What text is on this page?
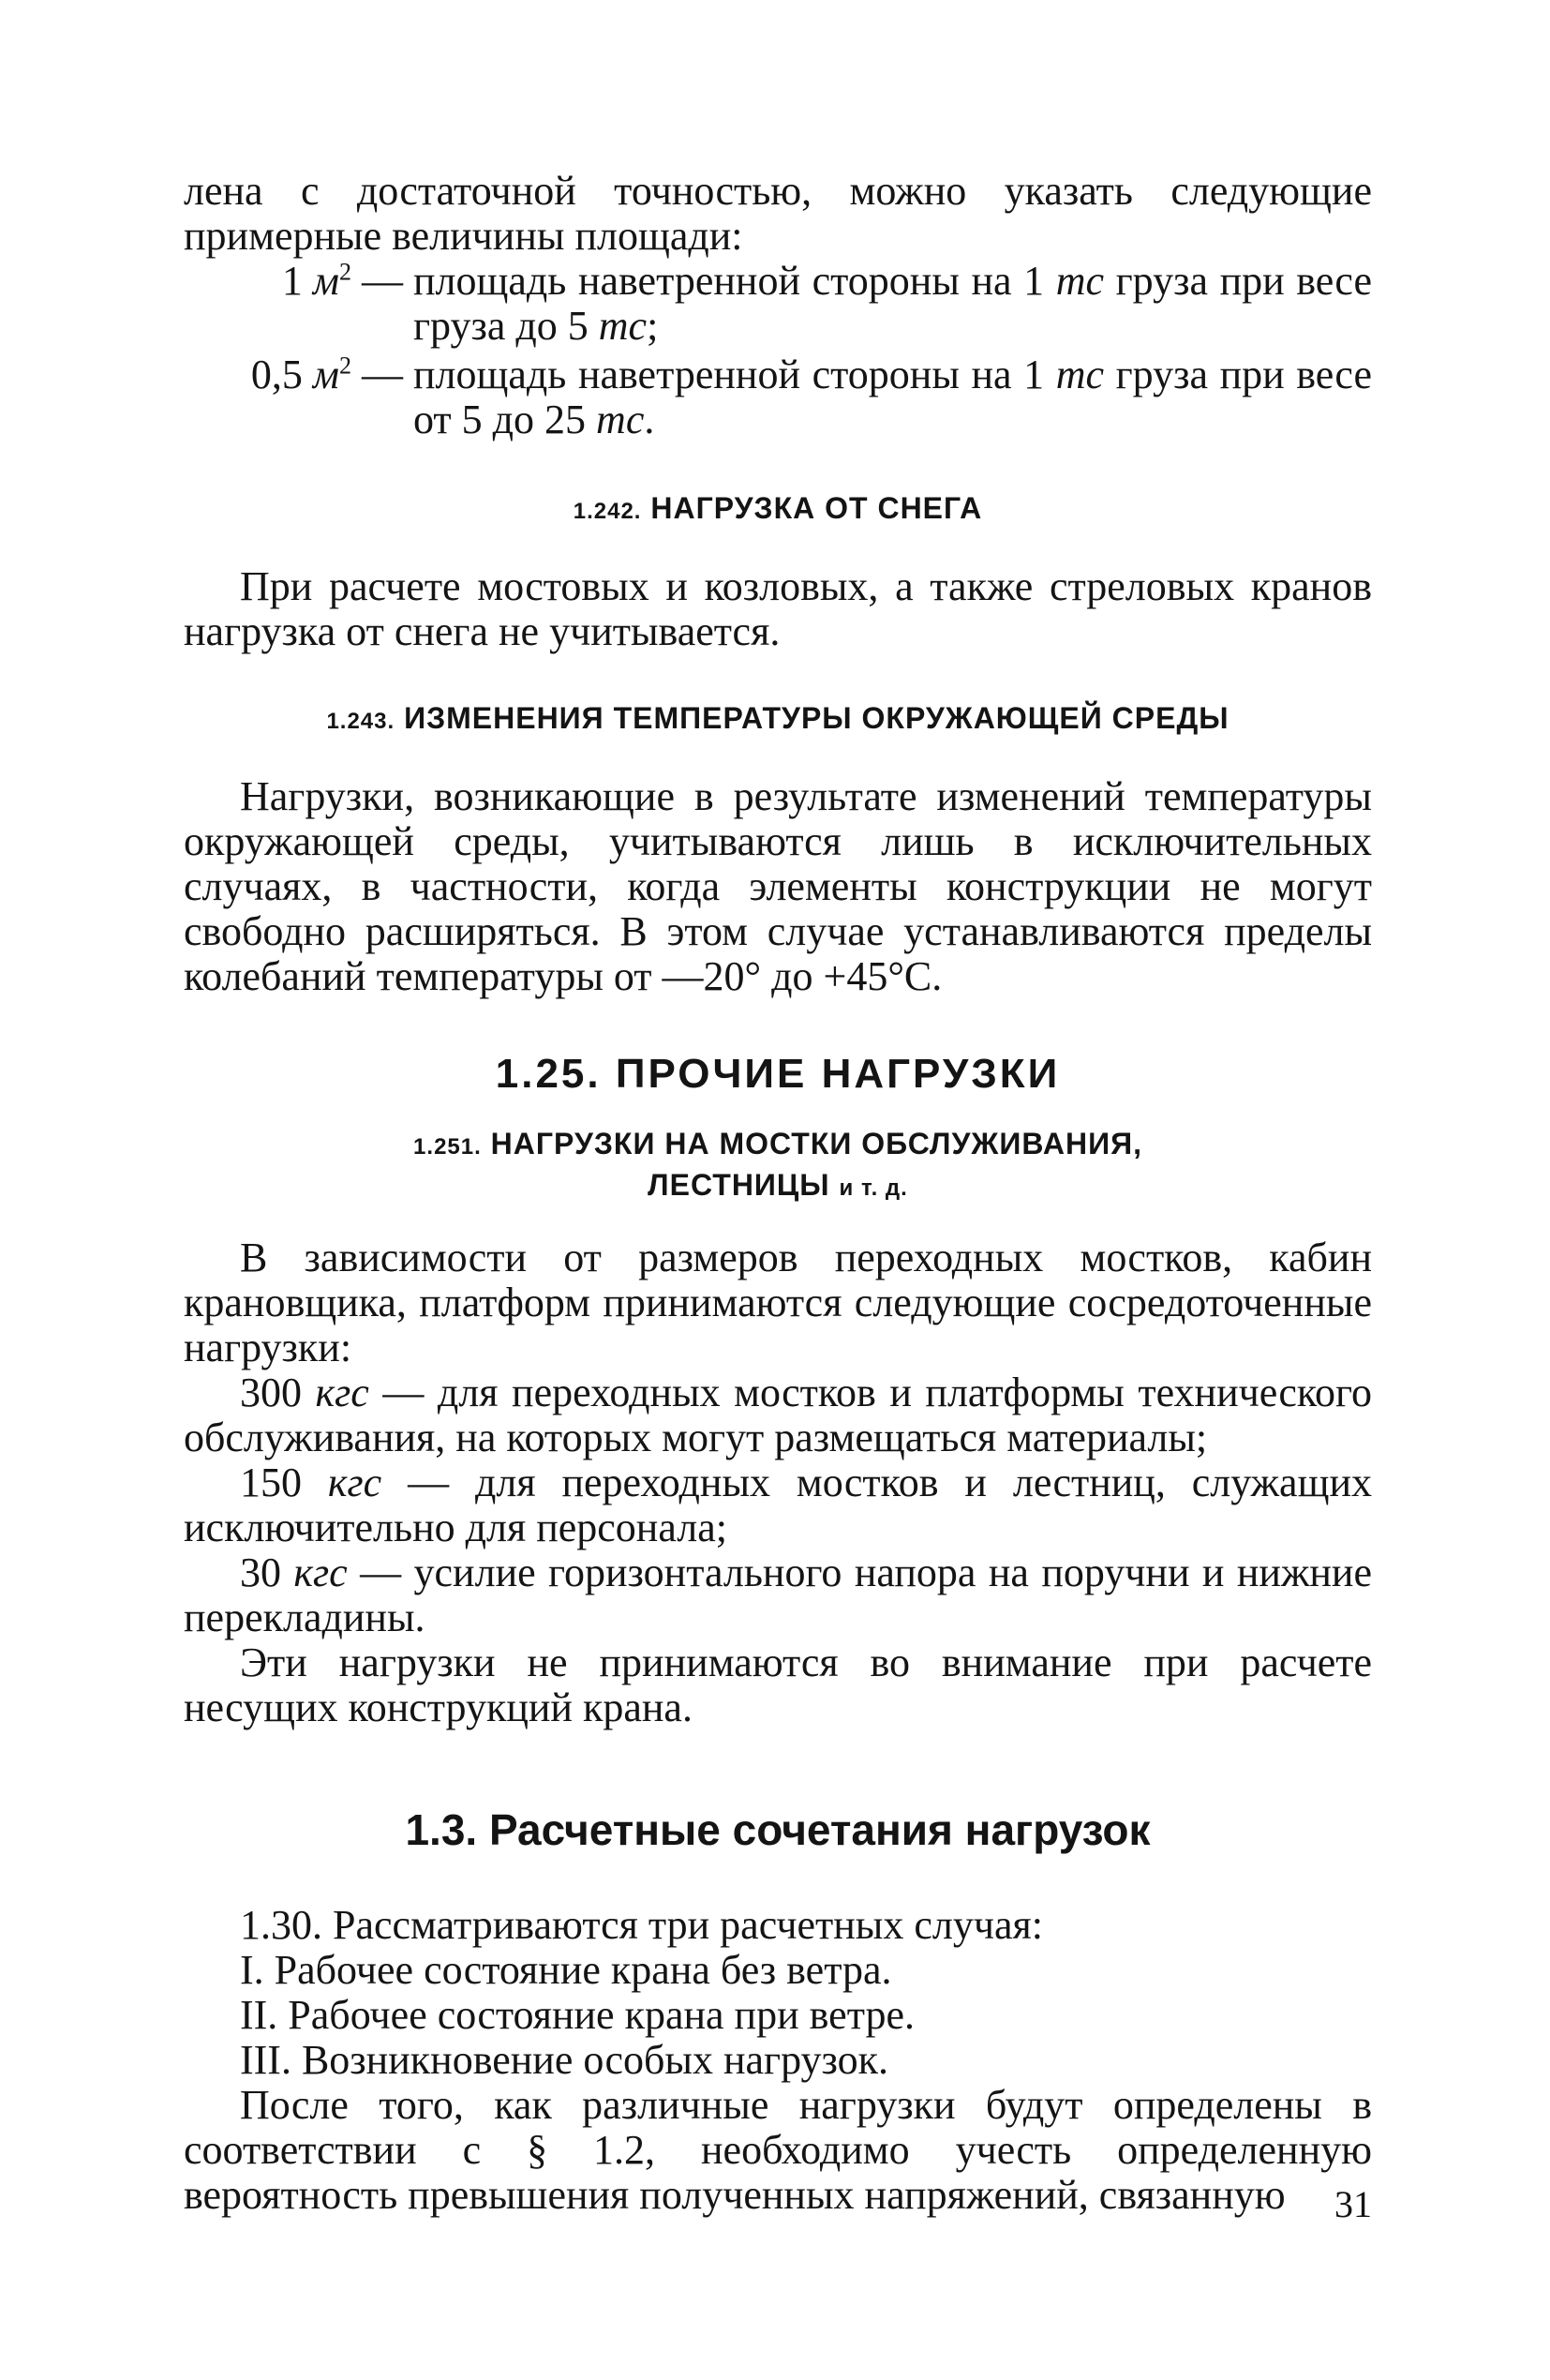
лена с достаточной точностью, можно указать следующие примерные величины площади:

1 $м^2$ — площадь наветренной стороны на 1 тс груза при весе груза до 5 тс;
0,5 $м^2$ — площадь наветренной стороны на 1 тс груза при весе от 5 до 25 тс.
1.242. НАГРУЗКА ОТ СНЕГА

При расчете мостовых и козловых, а также стреловых кранов нагрузка от снега не учитывается.

1.243. ИЗМЕНЕНИЯ ТЕМПЕРАТУРЫ ОКРУЖАЮЩЕЙ СРЕДЫ

Нагрузки, возникающие в результате изменений температуры окружающей среды, учитываются лишь в исключительных случаях, в частности, когда элементы конструкции не могут свободно расширяться. В этом случае устанавливаются пределы колебаний температуры от —20° до +45°С.

1.25. ПРОЧИЕ НАГРУЗКИ
1.251. НАГРУЗКИ НА МОСТКИ ОБСЛУЖИВАНИЯ,
ЛЕСТНИЦЫ и т. д.

В зависимости от размеров переходных мостков, кабин крановщика, платформ принимаются следующие сосредоточенные нагрузки:

300 кгс — для переходных мостков и платформы технического обслуживания, на которых могут размещаться материалы;

150 кгс — для переходных мостков и лестниц, служащих исключительно для персонала;

30 кгс — усилие горизонтального напора на поручни и нижние перекладины.

Эти нагрузки не принимаются во внимание при расчете несущих конструкций крана.

1.3. Расчетные сочетания нагрузок

1.30. Рассматриваются три расчетных случая:

I. Рабочее состояние крана без ветра.

II. Рабочее состояние крана при ветре.

III. Возникновение особых нагрузок.

После того, как различные нагрузки будут определены в соответствии с § 1.2, необходимо учесть определенную вероятность превышения полученных напряжений, связанную	31
